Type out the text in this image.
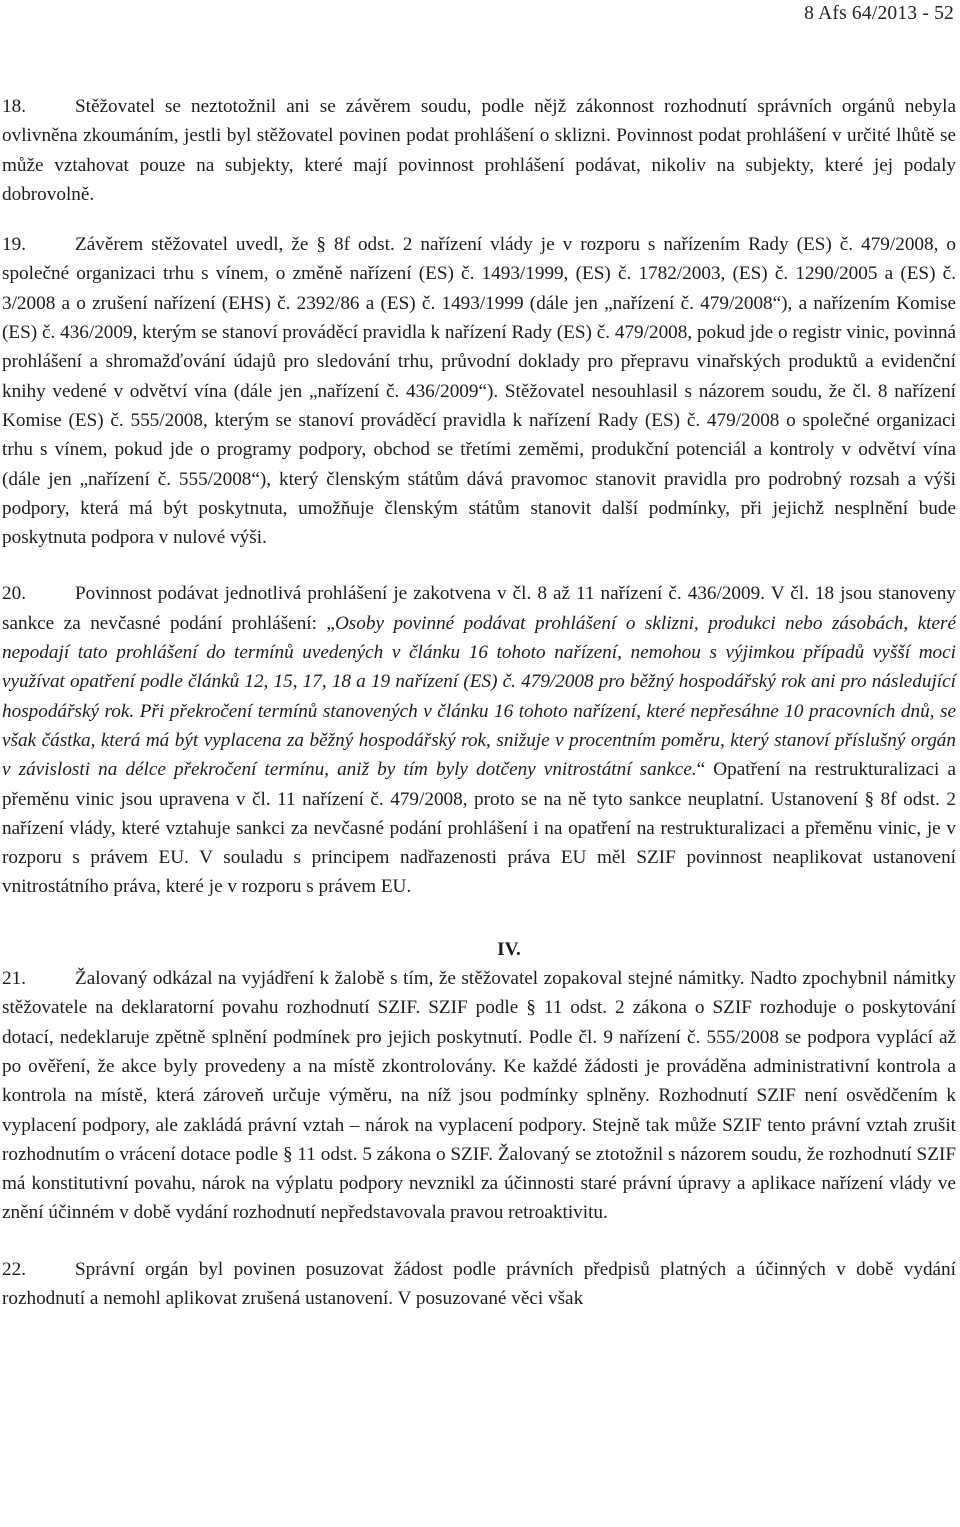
8 Afs 64/2013 - 52

18.	Stěžovatel se neztotožnil ani se závěrem soudu, podle nějž zákonnost rozhodnutí správních orgánů nebyla ovlivněna zkoumáním, jestli byl stěžovatel povinen podat prohlášení o sklizni. Povinnost podat prohlášení v určité lhůtě se může vztahovat pouze na subjekty, které mají povinnost prohlášení podávat, nikoliv na subjekty, které jej podaly dobrovolně.

19.	Závěrem stěžovatel uvedl, že § 8f odst. 2 nařízení vlády je v rozporu s nařízením Rady (ES) č. 479/2008, o společné organizaci trhu s vínem, o změně nařízení (ES) č. 1493/1999, (ES) č. 1782/2003, (ES) č. 1290/2005 a (ES) č. 3/2008 a o zrušení nařízení (EHS) č. 2392/86 a (ES) č. 1493/1999 (dále jen „nařízení č. 479/2008“), a nařízením Komise (ES) č. 436/2009, kterým se stanoví prováděcí pravidla k nařízení Rady (ES) č. 479/2008, pokud jde o registr vinic, povinná prohlášení a shromažďování údajů pro sledování trhu, průvodní doklady pro přepravu vinařských produktů a evidenční knihy vedené v odvětví vína (dále jen „nařízení č. 436/2009“). Stěžovatel nesouhlasil s názorem soudu, že čl. 8 nařízení Komise (ES) č. 555/2008, kterým se stanoví prováděcí pravidla k nařízení Rady (ES) č. 479/2008 o společné organizaci trhu s vínem, pokud jde o programy podpory, obchod se třetími zeměmi, produkční potenciál a kontroly v odvětví vína (dále jen „nařízení č. 555/2008“), který členským státům dává pravomoc stanovit pravidla pro podrobný rozsah a výši podpory, která má být poskytnuta, umožňuje členským státům stanovit další podmínky, při jejichž nesplnění bude poskytnuta podpora v nulové výši.

20.	Povinnost podávat jednotlivá prohlášení je zakotvena v čl. 8 až 11 nařízení č. 436/2009. V čl. 18 jsou stanoveny sankce za nevčasné podání prohlášení: „Osoby povinné podávat prohlášení o sklizni, produkci nebo zásobách, které nepodají tato prohlášení do termínů uvedených v článku 16 tohoto nařízení, nemohou s výjimkou případů vyšší moci využívat opatření podle článků 12, 15, 17, 18 a 19 nařízení (ES) č. 479/2008 pro běžný hospodářský rok ani pro následující hospodářský rok. Při překročení termínů stanovených v článku 16 tohoto nařízení, které nepřesáhne 10 pracovních dnů, se však částka, která má být vyplacena za běžný hospodářský rok, snižuje v procentním poměru, který stanoví příslušný orgán v závislosti na délce překročení termínu, aniž by tím byly dotčeny vnitrostátní sankce.“ Opatření na restrukturalizaci a přeměnu vinic jsou upravena v čl. 11 nařízení č. 479/2008, proto se na ně tyto sankce neuplatní. Ustanovení § 8f odst. 2 nařízení vlády, které vztahuje sankci za nevčasné podání prohlášení i na opatření na restrukturalizaci a přeměnu vinic, je v rozporu s právem EU. V souladu s principem nadřazenosti práva EU měl SZIF povinnost neaplikovat ustanovení vnitrostátního práva, které je v rozporu s právem EU.

IV.

21.	Žalovaný odkázal na vyjádření k žalobě s tím, že stěžovatel zopakoval stejné námitky. Nadto zpochybnil námitky stěžovatele na deklaratorní povahu rozhodnutí SZIF. SZIF podle § 11 odst. 2 zákona o SZIF rozhoduje o poskytování dotací, nedeklaruje zpětně splnění podmínek pro jejich poskytnutí. Podle čl. 9 nařízení č. 555/2008 se podpora vyplácí až po ověření, že akce byly provedeny a na místě zkontrolovány. Ke každé žádosti je prováděna administrativní kontrola a kontrola na místě, která zároveň určuje výměru, na níž jsou podmínky splněny. Rozhodnutí SZIF není osvědčením k vyplacení podpory, ale zakládá právní vztah – nárok na vyplacení podpory. Stejně tak může SZIF tento právní vztah zrušit rozhodnutím o vrácení dotace podle § 11 odst. 5 zákona o SZIF. Žalovaný se ztotožnil s názorem soudu, že rozhodnutí SZIF má konstitutivní povahu, nárok na výplatu podpory nevznikl za účinnosti staré právní úpravy a aplikace nařízení vlády ve znění účinném v době vydání rozhodnutí nepředstavovala pravou retroaktivitu.

22.	Správní orgán byl povinen posuzovat žádost podle právních předpisů platných a účinných v době vydání rozhodnutí a nemohl aplikovat zrušená ustanovení. V posuzované věci však
